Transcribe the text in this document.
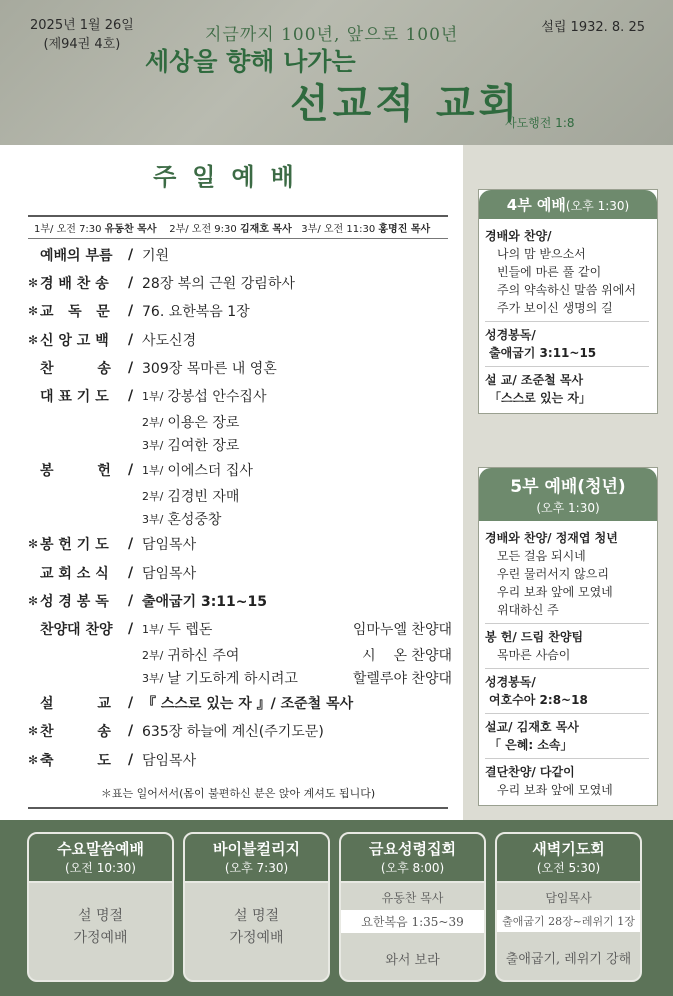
2025년 1월 26일
(제94권 4호)
설립 1932. 8. 25
지금까지 100년, 앞으로 100년
세상을 향해 나가는
선교적 교회
사도행전 1:8
주일예배
1부/ 오전 7:30 유동찬 목사 2부/ 오전 9:30 김재호 목사 3부/ 오전 11:30 홍명진 목사
예배의 부름	/ 기원
✻ 경 배 찬 송	/ 28장 복의 근원 강림하사
✻ 교   독   문	/ 76. 요한복음 1장
✻ 신 앙 고 백	/ 사도신경
찬         송	/ 309장 목마른 내 영혼
대 표 기 도	/ 1부/ 강봉섭 안수집사
2부/ 이용은 장로
3부/ 김여한 장로
봉         헌	/ 1부/ 이에스더 집사
2부/ 김경빈 자매
3부/ 혼성중창
✻ 봉 헌 기 도	/ 담임목사
교 회 소 식	/ 담임목사
✻ 성 경 봉 독	/ 출애굽기 3:11~15
찬양대 찬양	/ 1부/ 두 렙돈	임마누엘 찬양대
2부/ 귀하신 주여	시    온 찬양대
3부/ 날 기도하게 하시려고	할렐루야 찬양대
설         교	/ 『 스스로 있는 자 』/ 조준철 목사
✻ 찬         송	/ 635장 하늘에 계신(주기도문)
✻ 축         도	/ 담임목사
＊표는 일어서서(몸이 불편하신 분은 앉아 계셔도 됩니다)
4부 예배(오후 1:30)
경배와 찬양/
나의 맘 받으소서
빈들에 마른 풀 같이
주의 약속하신 말씀 위에서
주가 보이신 생명의 길
성경봉독/
출애굽기 3:11~15
설 교/ 조준철 목사
「스스로 있는 자」
5부 예배(청년)
(오후 1:30)
경배와 찬양/ 정재엽 청년
모든 걸음 되시네
우린 물러서지 않으리
우리 보좌 앞에 모였네
위대하신 주
봉 헌/ 드림 찬양팀
목마른 사슴이
성경봉독/
여호수아 2:8~18
설교/ 김재호 목사
「 은혜: 소속」
결단찬양/ 다같이
우리 보좌 앞에 모였네
수요말씀예배
(오전 10:30)
설 명절
가정예배
바이블컬리지
(오후 7:30)
설 명절
가정예배
금요성령집회
(오후 8:00)
유동찬 목사
요한복음 1:35~39
와서 보라
새벽기도회
(오전 5:30)
담임목사
출애굽기 28장~레위기 1장
출애굽기, 레위기 강해
